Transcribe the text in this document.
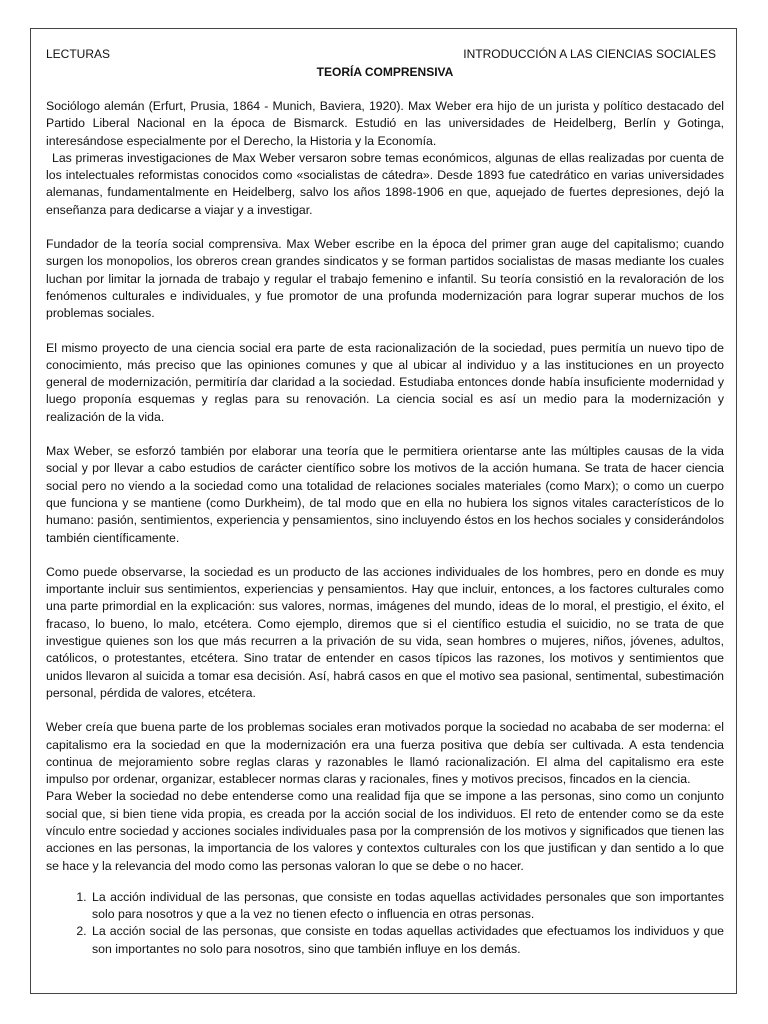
LECTURAS	INTRODUCCIÓN A LAS CIENCIAS SOCIALES
TEORÍA COMPRENSIVA

Sociólogo alemán (Erfurt, Prusia, 1864 - Munich, Baviera, 1920). Max Weber era hijo de un jurista y político destacado del Partido Liberal Nacional en la época de Bismarck. Estudió en las universidades de Heidelberg, Berlín y Gotinga, interesándose especialmente por el Derecho, la Historia y la Economía.

Las primeras investigaciones de Max Weber versaron sobre temas económicos, algunas de ellas realizadas por cuenta de los intelectuales reformistas conocidos como «socialistas de cátedra». Desde 1893 fue catedrático en varias universidades alemanas, fundamentalmente en Heidelberg, salvo los años 1898-1906 en que, aquejado de fuertes depresiones, dejó la enseñanza para dedicarse a viajar y a investigar.

Fundador de la teoría social comprensiva. Max Weber escribe en la época del primer gran auge del capitalismo; cuando surgen los monopolios, los obreros crean grandes sindicatos y se forman partidos socialistas de masas mediante los cuales luchan por limitar la jornada de trabajo y regular el trabajo femenino e infantil. Su teoría consistió en la revaloración de los fenómenos culturales e individuales, y fue promotor de una profunda modernización para lograr superar muchos de los problemas sociales.

El mismo proyecto de una ciencia social era parte de esta racionalización de la sociedad, pues permitía un nuevo tipo de conocimiento, más preciso que las opiniones comunes y que al ubicar al individuo y a las instituciones en un proyecto general de modernización, permitiría dar claridad a la sociedad. Estudiaba entonces donde había insuficiente modernidad y luego proponía esquemas y reglas para su renovación. La ciencia social es así un medio para la modernización y realización de la vida.

Max Weber, se esforzó también por elaborar una teoría que le permitiera orientarse ante las múltiples causas de la vida social y por llevar a cabo estudios de carácter científico sobre los motivos de la acción humana. Se trata de hacer ciencia social pero no viendo a la sociedad como una totalidad de relaciones sociales materiales (como Marx); o como un cuerpo que funciona y se mantiene (como Durkheim), de tal modo que en ella no hubiera los signos vitales característicos de lo humano: pasión, sentimientos, experiencia y pensamientos, sino incluyendo éstos en los hechos sociales y considerándolos también científicamente.

Como puede observarse, la sociedad es un producto de las acciones individuales de los hombres, pero en donde es muy importante incluir sus sentimientos, experiencias y pensamientos. Hay que incluir, entonces, a los factores culturales como una parte primordial en la explicación: sus valores, normas, imágenes del mundo, ideas de lo moral, el prestigio, el éxito, el fracaso, lo bueno, lo malo, etcétera. Como ejemplo, diremos que si el científico estudia el suicidio, no se trata de que investigue quienes son los que más recurren a la privación de su vida, sean hombres o mujeres, niños, jóvenes, adultos, católicos, o protestantes, etcétera. Sino tratar de entender en casos típicos las razones, los motivos y sentimientos que unidos llevaron al suicida a tomar esa decisión. Así, habrá casos en que el motivo sea pasional, sentimental, subestimación personal, pérdida de valores, etcétera.

Weber creía que buena parte de los problemas sociales eran motivados porque la sociedad no acababa de ser moderna: el capitalismo era la sociedad en que la modernización era una fuerza positiva que debía ser cultivada. A esta tendencia continua de mejoramiento sobre reglas claras y razonables le llamó racionalización. El alma del capitalismo era este impulso por ordenar, organizar, establecer normas claras y racionales, fines y motivos precisos, fincados en la ciencia.

Para Weber la sociedad no debe entenderse como una realidad fija que se impone a las personas, sino como un conjunto social que, si bien tiene vida propia, es creada por la acción social de los individuos. El reto de entender como se da este vínculo entre sociedad y acciones sociales individuales pasa por la comprensión de los motivos y significados que tienen las acciones en las personas, la importancia de los valores y contextos culturales con los que justifican y dan sentido a lo que se hace y la relevancia del modo como las personas valoran lo que se debe o no hacer.

1. La acción individual de las personas, que consiste en todas aquellas actividades personales que son importantes solo para nosotros y que a la vez no tienen efecto o influencia en otras personas.
2. La acción social de las personas, que consiste en todas aquellas actividades que efectuamos los individuos y que son importantes no solo para nosotros, sino que también influye en los demás.
